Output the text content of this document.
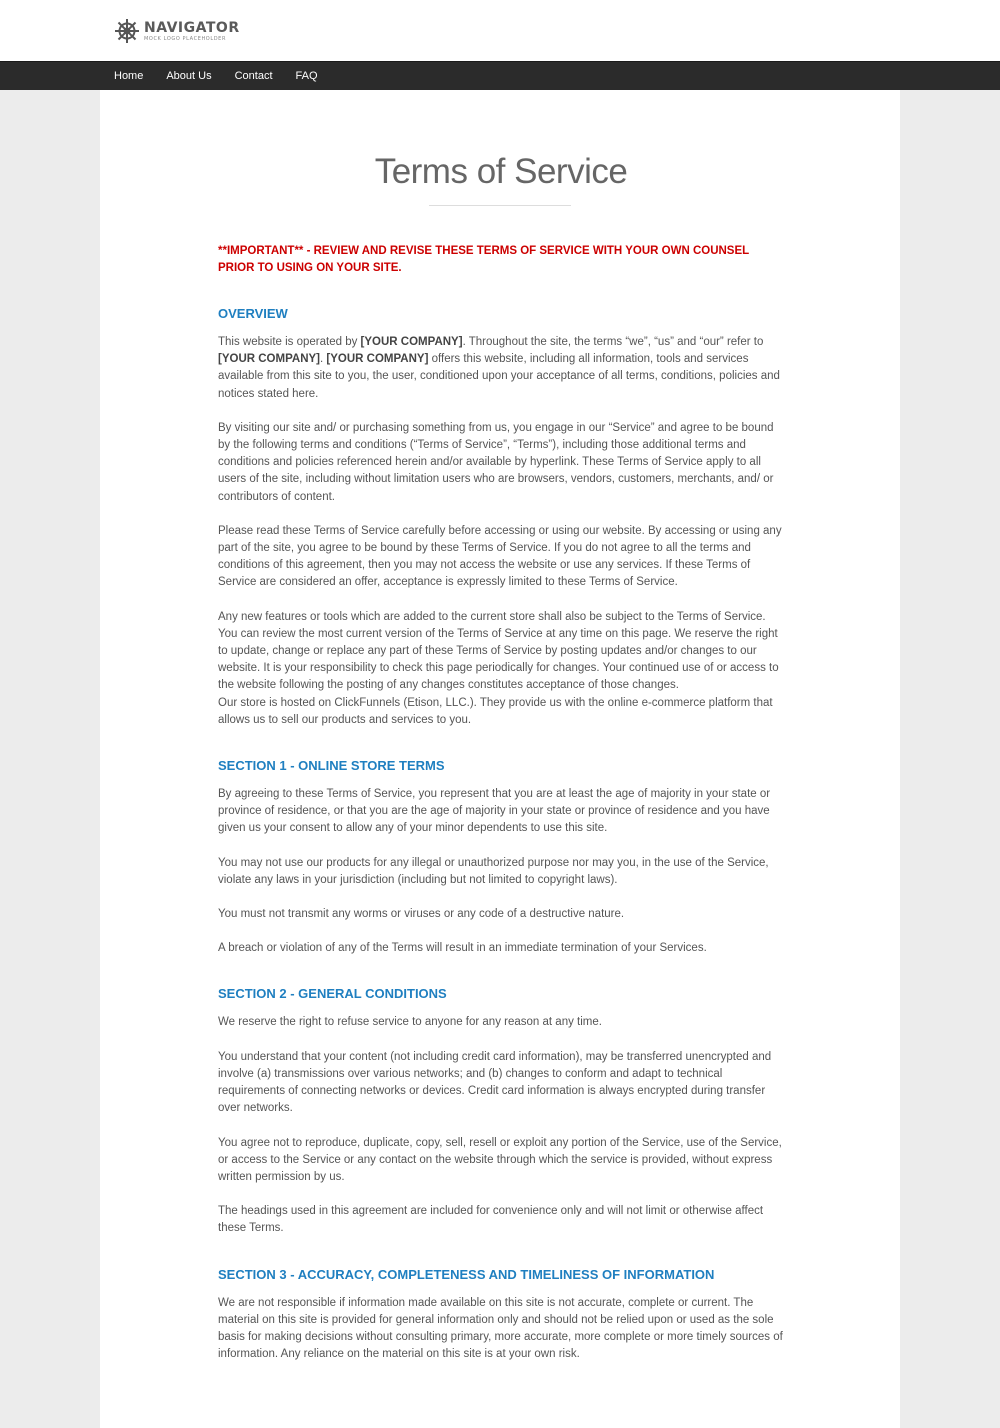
NAVIGATOR
MOCK LOGO PLACEHOLDER
Home About Us Contact FAQ
Terms of Service

**IMPORTANT** - REVIEW AND REVISE THESE TERMS OF SERVICE WITH YOUR OWN COUNSEL PRIOR TO USING ON YOUR SITE.

OVERVIEW

This website is operated by [YOUR COMPANY]. Throughout the site, the terms “we”, “us” and “our” refer to [YOUR COMPANY]. [YOUR COMPANY] offers this website, including all information, tools and services available from this site to you, the user, conditioned upon your acceptance of all terms, conditions, policies and notices stated here.

By visiting our site and/ or purchasing something from us, you engage in our “Service” and agree to be bound by the following terms and conditions (“Terms of Service”, “Terms”), including those additional terms and conditions and policies referenced herein and/or available by hyperlink. These Terms of Service apply to all users of the site, including without limitation users who are browsers, vendors, customers, merchants, and/ or contributors of content.

Please read these Terms of Service carefully before accessing or using our website. By accessing or using any part of the site, you agree to be bound by these Terms of Service. If you do not agree to all the terms and conditions of this agreement, then you may not access the website or use any services. If these Terms of Service are considered an offer, acceptance is expressly limited to these Terms of Service.

Any new features or tools which are added to the current store shall also be subject to the Terms of Service. You can review the most current version of the Terms of Service at any time on this page. We reserve the right to update, change or replace any part of these Terms of Service by posting updates and/or changes to our website. It is your responsibility to check this page periodically for changes. Your continued use of or access to the website following the posting of any changes constitutes acceptance of those changes.

Our store is hosted on ClickFunnels (Etison, LLC.). They provide us with the online e-commerce platform that allows us to sell our products and services to you.

SECTION 1 - ONLINE STORE TERMS

By agreeing to these Terms of Service, you represent that you are at least the age of majority in your state or province of residence, or that you are the age of majority in your state or province of residence and you have given us your consent to allow any of your minor dependents to use this site.

You may not use our products for any illegal or unauthorized purpose nor may you, in the use of the Service, violate any laws in your jurisdiction (including but not limited to copyright laws).

You must not transmit any worms or viruses or any code of a destructive nature.

A breach or violation of any of the Terms will result in an immediate termination of your Services.

SECTION 2 - GENERAL CONDITIONS

We reserve the right to refuse service to anyone for any reason at any time.

You understand that your content (not including credit card information), may be transferred unencrypted and involve (a) transmissions over various networks; and (b) changes to conform and adapt to technical requirements of connecting networks or devices. Credit card information is always encrypted during transfer over networks.

You agree not to reproduce, duplicate, copy, sell, resell or exploit any portion of the Service, use of the Service, or access to the Service or any contact on the website through which the service is provided, without express written permission by us.

The headings used in this agreement are included for convenience only and will not limit or otherwise affect these Terms.

SECTION 3 - ACCURACY, COMPLETENESS AND TIMELINESS OF INFORMATION

We are not responsible if information made available on this site is not accurate, complete or current. The material on this site is provided for general information only and should not be relied upon or used as the sole basis for making decisions without consulting primary, more accurate, more complete or more timely sources of information. Any reliance on the material on this site is at your own risk.
